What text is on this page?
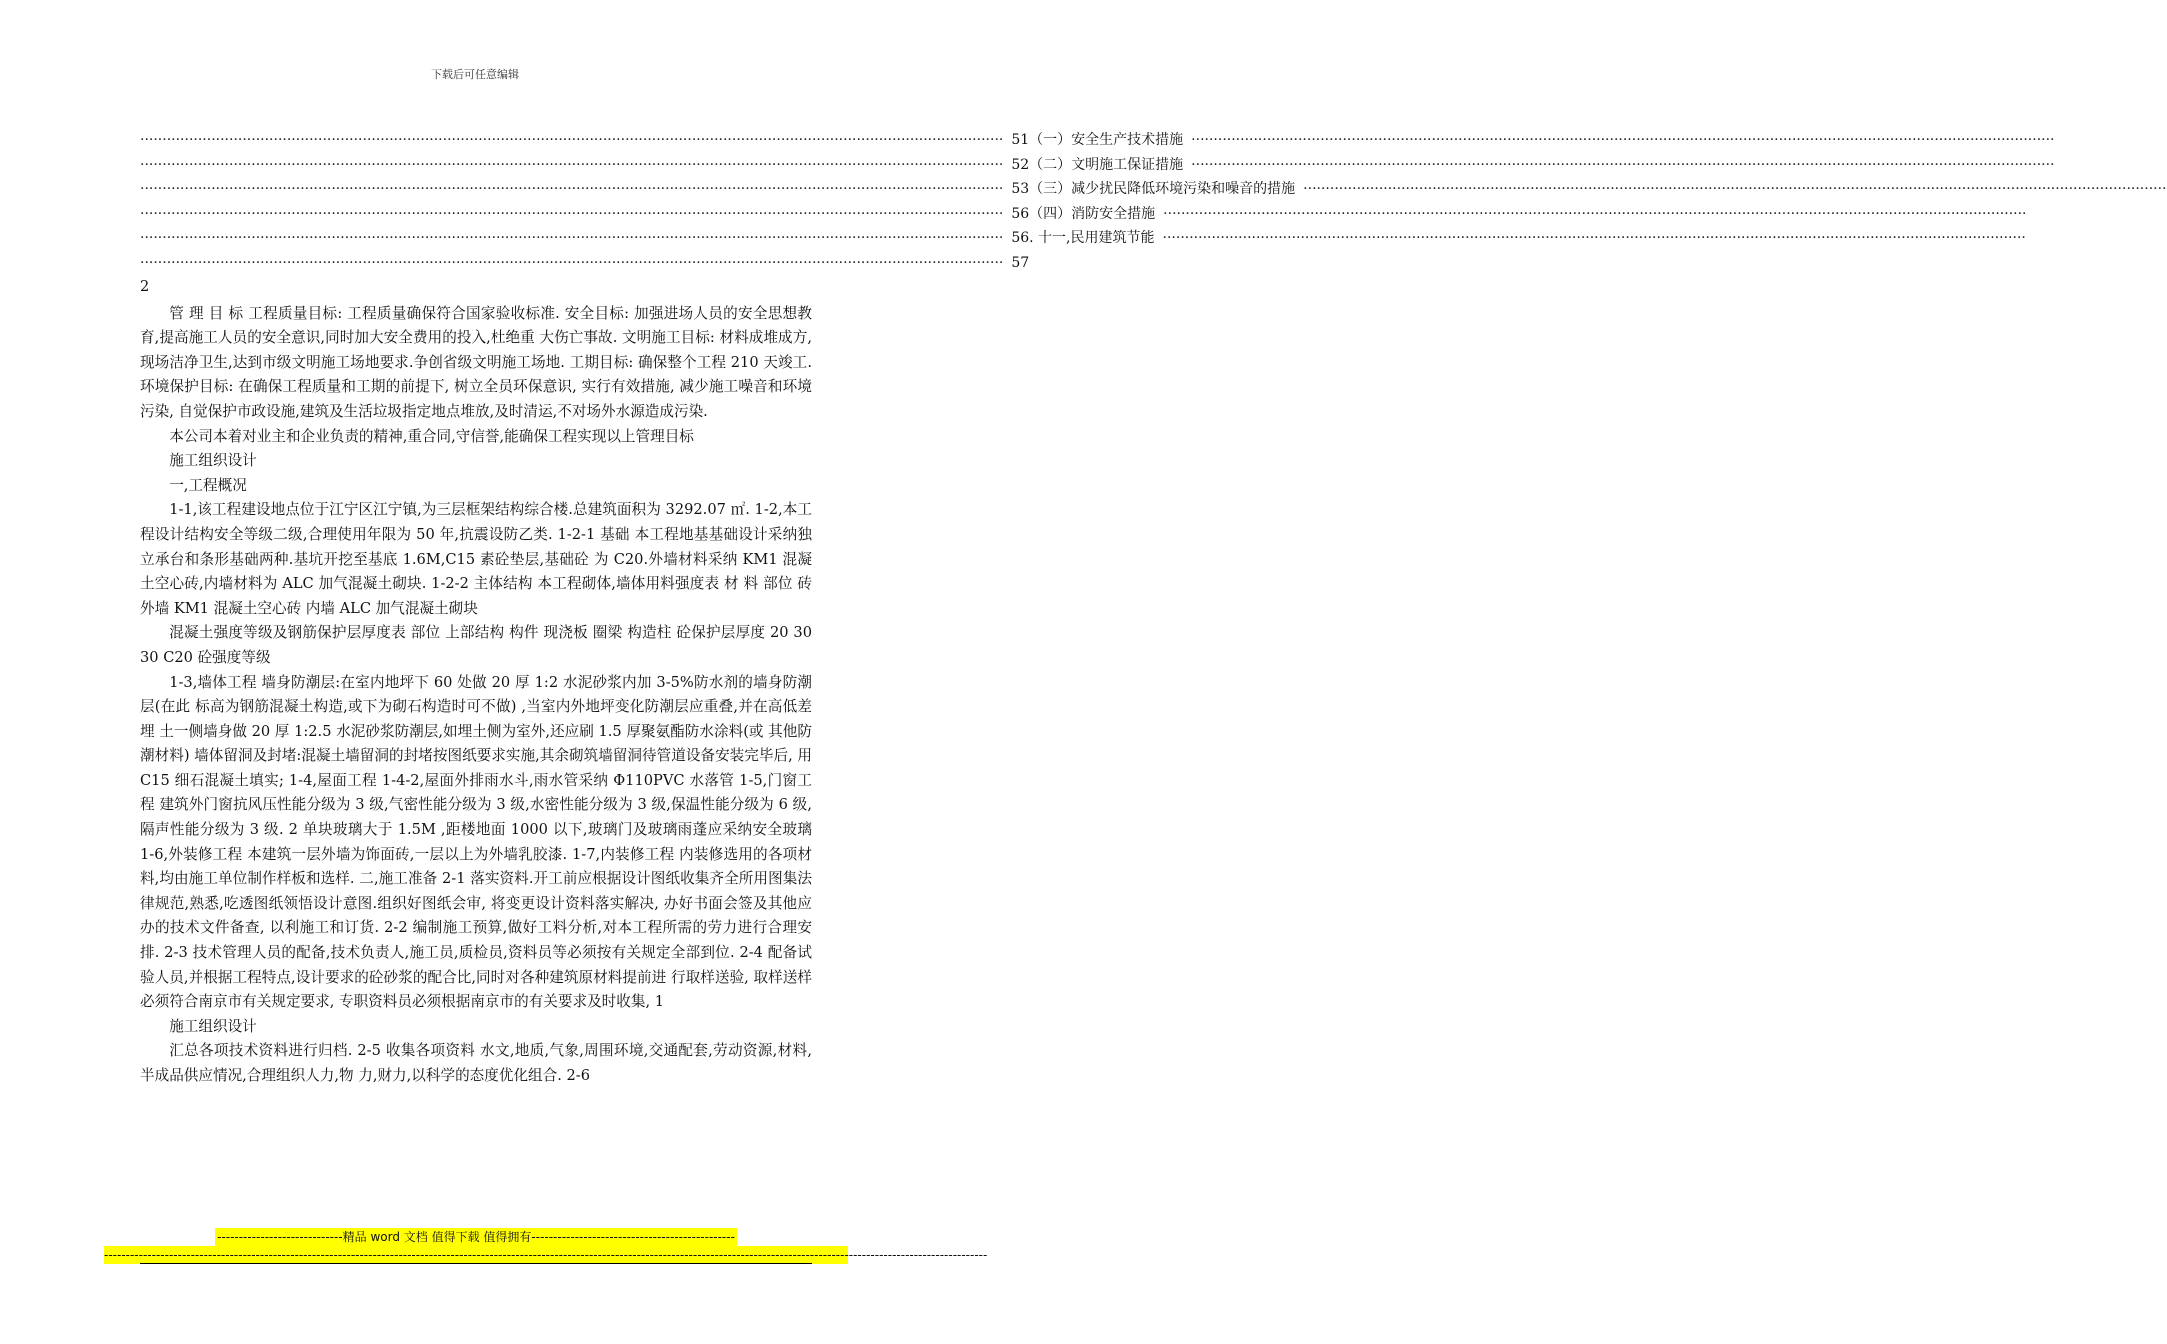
下载后可任意编辑
·····
51（一）安全生产技术措施
·····
·····
52（二）文明施工保证措施
·····
·····
53（三）减少扰民降低环境污染和噪音的措施
·····
·····
56（四）消防安全措施
·····
·····
56. 十一,民用建筑节能
·····
·····
57

2

管 理 目 标 工程质量目标: 工程质量确保符合国家验收标准. 安全目标: 加强进场人员的安全思想教育,提高施工人员的安全意识,同时加大安全费用的投入,杜绝重 大伤亡事故. 文明施工目标: 材料成堆成方,现场洁净卫生,达到市级文明施工场地要求.争创省级文明施工场地. 工期目标: 确保整个工程 210 天竣工. 环境保护目标: 在确保工程质量和工期的前提下, 树立全员环保意识, 实行有效措施, 减少施工噪音和环境污染, 自觉保护市政设施,建筑及生活垃圾指定地点堆放,及时清运,不对场外水源造成污染.

本公司本着对业主和企业负责的精神,重合同,守信誉,能确保工程实现以上管理目标

施工组织设计

一,工程概况

1-1,该工程建设地点位于江宁区江宁镇,为三层框架结构综合楼.总建筑面积为 3292.07 ㎡. 1-2,本工程设计结构安全等级二级,合理使用年限为 50 年,抗震设防乙类. 1-2-1 基础 本工程地基基础设计采纳独立承台和条形基础两种.基坑开挖至基底 1.6M,C15 素砼垫层,基础砼 为 C20.外墙材料采纳 KM1 混凝土空心砖,内墙材料为 ALC 加气混凝土砌块. 1-2-2 主体结构 本工程砌体,墙体用料强度表 材 料 部位 砖 外墙 KM1 混凝土空心砖 内墙 ALC 加气混凝土砌块

混凝土强度等级及钢筋保护层厚度表 部位 上部结构 构件 现浇板 圈梁 构造柱 砼保护层厚度 20 30 30 C20 砼强度等级

1-3,墙体工程 墙身防潮层:在室内地坪下 60 处做 20 厚 1:2 水泥砂浆内加 3-5%防水剂的墙身防潮层(在此 标高为钢筋混凝土构造,或下为砌石构造时可不做) ,当室内外地坪变化防潮层应重叠,并在高低差埋 土一侧墙身做 20 厚 1:2.5 水泥砂浆防潮层,如埋土侧为室外,还应刷 1.5 厚聚氨酯防水涂料(或 其他防潮材料) 墙体留洞及封堵:混凝土墙留洞的封堵按图纸要求实施,其余砌筑墙留洞待管道设备安装完毕后, 用 C15 细石混凝土填实; 1-4,屋面工程 1-4-2,屋面外排雨水斗,雨水管采纳 Φ110PVC 水落管 1-5,门窗工程 建筑外门窗抗风压性能分级为 3 级,气密性能分级为 3 级,水密性能分级为 3 级,保温性能分级为 6 级,隔声性能分级为 3 级. 2 单块玻璃大于 1.5M ,距楼地面 1000 以下,玻璃门及玻璃雨蓬应采纳安全玻璃 1-6,外装修工程 本建筑一层外墙为饰面砖,一层以上为外墙乳胶漆. 1-7,内装修工程 内装修选用的各项材料,均由施工单位制作样板和选样. 二,施工准备 2-1 落实资料.开工前应根据设计图纸收集齐全所用图集法律规范,熟悉,吃透图纸领悟设计意图.组织好图纸会审, 将变更设计资料落实解决, 办好书面会签及其他应办的技术文件备查, 以利施工和订货. 2-2 编制施工预算,做好工料分析,对本工程所需的劳力进行合理安排. 2-3 技术管理人员的配备,技术负责人,施工员,质检员,资料员等必须按有关规定全部到位. 2-4 配备试验人员,并根据工程特点,设计要求的砼砂浆的配合比,同时对各种建筑原材料提前进 行取样送验, 取样送样必须符合南京市有关规定要求, 专职资料员必须根据南京市的有关要求及时收集, 1

施工组织设计

汇总各项技术资料进行归档. 2-5 收集各项资料 水文,地质,气象,周围环境,交通配套,劳动资源,材料,半成品供应情况,合理组织人力,物 力,财力,以科学的态度优化组合. 2-6

-----------------------------精品 word 文档 值得下载 值得拥有-----------------------------------------------
------------------------------------------------------------------------------------------------------------------------------------------------------------------------------------------------------------
